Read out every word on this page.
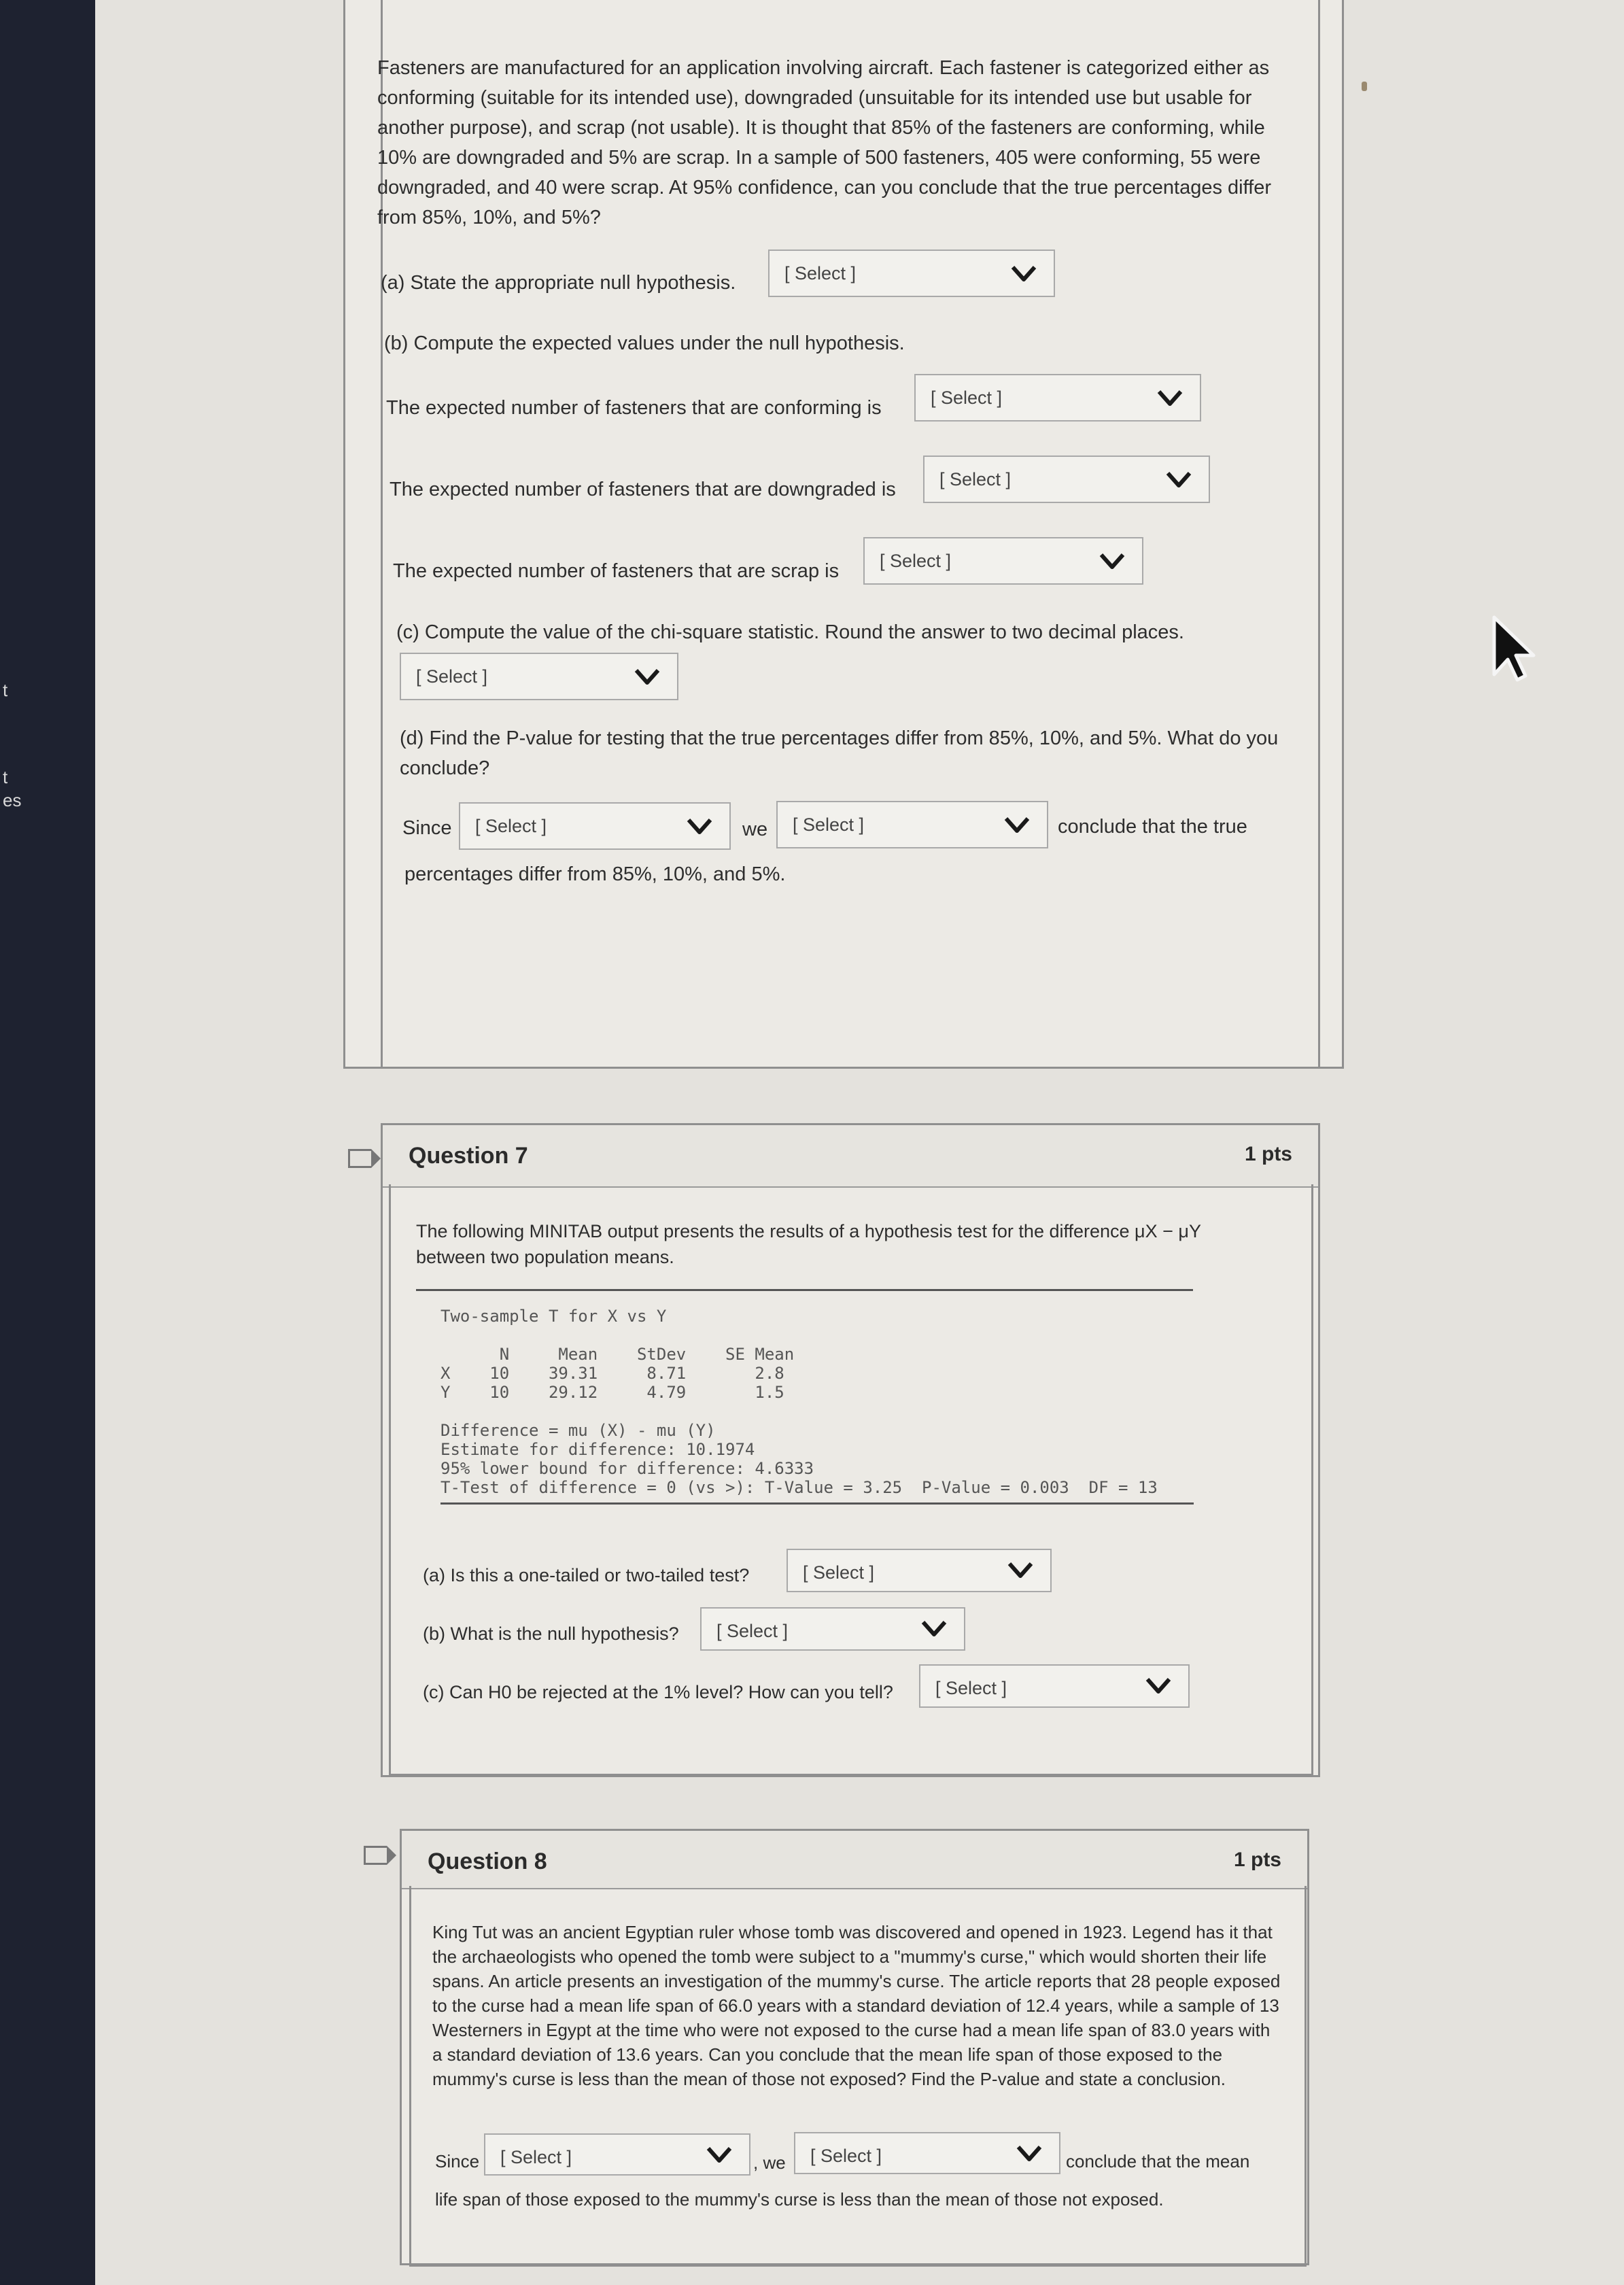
t
t
es
Fasteners are manufactured for an application involving aircraft. Each fastener is categorized either as conforming (suitable for its intended use), downgraded (unsuitable for its intended use but usable for another purpose), and scrap (not usable). It is thought that 85% of the fasteners are conforming, while 10% are downgraded and 5% are scrap. In a sample of 500 fasteners, 405 were conforming, 55 were downgraded, and 40 were scrap. At 95% confidence, can you conclude that the true percentages differ from 85%, 10%, and 5%?
(a) State the appropriate null hypothesis.	[ Select ]
(b) Compute the expected values under the null hypothesis.
The expected number of fasteners that are conforming is	[ Select ]
The expected number of fasteners that are downgraded is [ Select ]
The expected number of fasteners that are scrap is [ Select ]
(c) Compute the value of the chi-square statistic. Round the answer to two decimal places.
[ Select ]
(d) Find the P-value for testing that the true percentages differ from 85%, 10%, and 5%. What do you conclude?
Since [ Select ]	we [ Select ]	conclude that the true
percentages differ from 85%, 10%, and 5%.
Question 7	1 pts
The following MINITAB output presents the results of a hypothesis test for the difference μX − μY between two population means.
Two-sample T for X vs Y

N     Mean    StDev    SE Mean
X    10    39.31     8.71       2.8
Y    10    29.12     4.79       1.5

Difference = mu (X) - mu (Y)
Estimate for difference: 10.1974
95% lower bound for difference: 4.6333
T-Test of difference = 0 (vs >): T-Value = 3.25  P-Value = 0.003  DF = 13
(a) Is this a one-tailed or two-tailed test?	[ Select ]
(b) What is the null hypothesis? [ Select ]
(c) Can H0 be rejected at the 1% level? How can you tell? [ Select ]
Question 8	1 pts
King Tut was an ancient Egyptian ruler whose tomb was discovered and opened in 1923. Legend has it that the archaeologists who opened the tomb were subject to a "mummy's curse," which would shorten their life spans. An article presents an investigation of the mummy's curse. The article reports that 28 people exposed to the curse had a mean life span of 66.0 years with a standard deviation of 12.4 years, while a sample of 13 Westerners in Egypt at the time who were not exposed to the curse had a mean life span of 83.0 years with a standard deviation of 13.6 years. Can you conclude that the mean life span of those exposed to the mummy's curse is less than the mean of those not exposed? Find the P-value and state a conclusion.
Since [ Select ]	, we [ Select ]	conclude that the mean
life span of those exposed to the mummy's curse is less than the mean of those not exposed.
